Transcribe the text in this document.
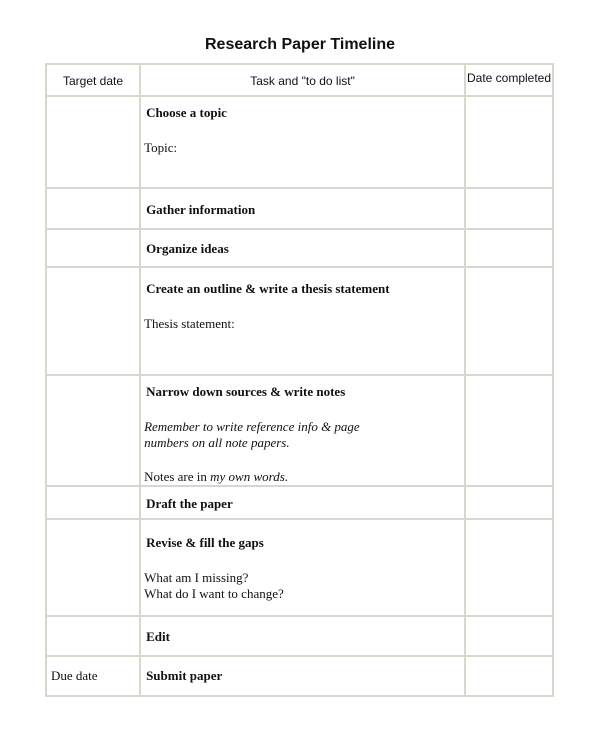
Research Paper Timeline
Target date	Task and "to do list"	Date completed

	Choose a topic
Topic:	

	Gather information	

	Organize ideas	

	Create an outline & write a thesis statement
Thesis statement:	

	Narrow down sources & write notes
Remember to write reference info & page numbers on all note papers.
Notes are in my own words.	

	Draft the paper	

	Revise & fill the gaps

What am I missing?

What do I want to change?	

	Edit	

Due date	Submit paper	
